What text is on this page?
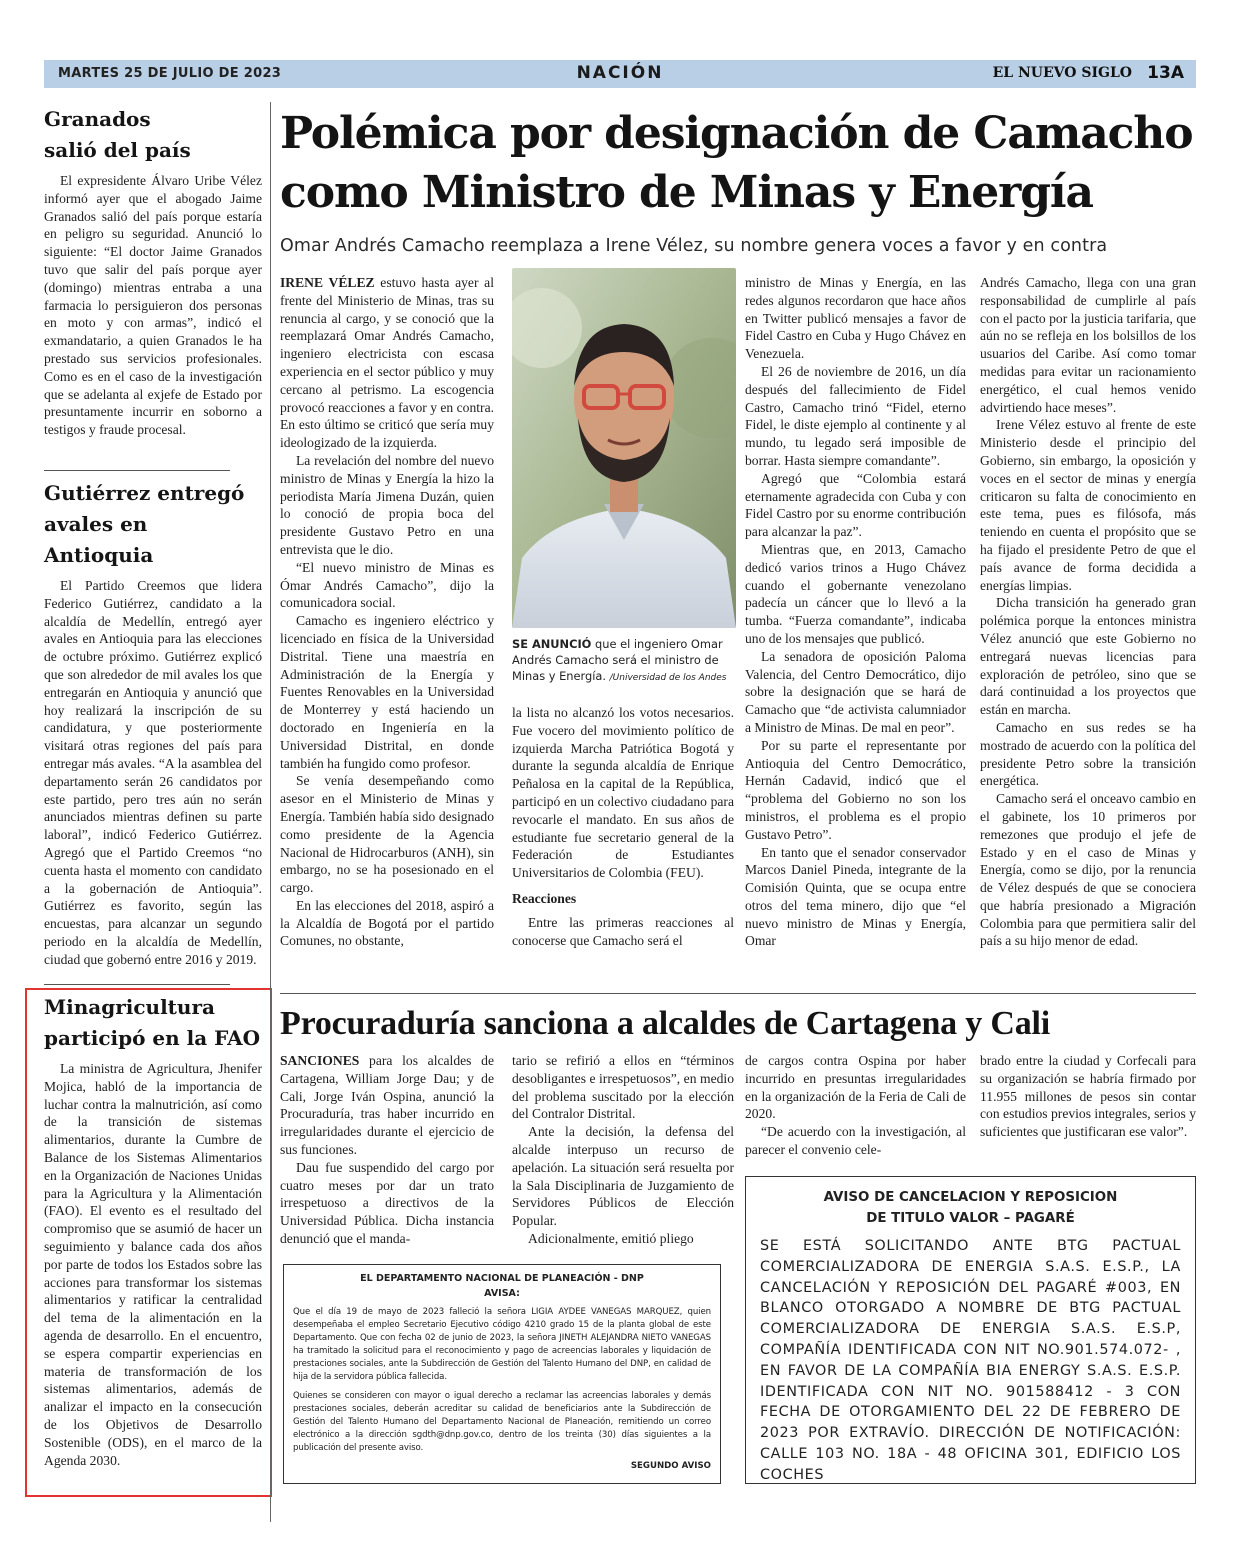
MARTES 25 DE JULIO DE 2023	NACIÓN	EL NUEVO SIGLO 13A
Granados
salió del país

El expresidente Álvaro Uribe Vélez informó ayer que el abogado Jaime Granados salió del país porque estaría en peligro su seguridad. Anunció lo siguiente: “El doctor Jaime Granados tuvo que salir del país porque ayer (domingo) mientras entraba a una farmacia lo persiguieron dos personas en moto y con armas”, indicó el exmandatario, a quien Granados le ha prestado sus servicios profesionales. Como es en el caso de la investigación que se adelanta al exjefe de Estado por presuntamente incurrir en soborno a testigos y fraude procesal.

Gutiérrez entregó
avales en Antioquia

El Partido Creemos que lidera Federico Gutiérrez, candidato a la alcaldía de Medellín, entregó ayer avales en Antioquia para las elecciones de octubre próximo. Gutiérrez explicó que son alrededor de mil avales los que entregarán en Antioquia y anunció que hoy realizará la inscripción de su candidatura, y que posteriormente visitará otras regiones del país para entregar más avales. “A la asamblea del departamento serán 26 candidatos por este partido, pero tres aún no serán anunciados mientras definen su parte laboral”, indicó Federico Gutiérrez. Agregó que el Partido Creemos “no cuenta hasta el momento con candidato a la gobernación de Antioquia”. Gutiérrez es favorito, según las encuestas, para alcanzar un segundo periodo en la alcaldía de Medellín, ciudad que gobernó entre 2016 y 2019.

Minagricultura
participó en la FAO

La ministra de Agricultura, Jhenifer Mojica, habló de la importancia de luchar contra la malnutrición, así como de la transición de sistemas alimentarios, durante la Cumbre de Balance de los Sistemas Alimentarios en la Organización de Naciones Unidas para la Agricultura y la Alimentación (FAO). El evento es el resultado del compromiso que se asumió de hacer un seguimiento y balance cada dos años por parte de todos los Estados sobre las acciones para transformar los sistemas alimentarios y ratificar la centralidad del tema de la alimentación en la agenda de desarrollo. En el encuentro, se espera compartir experiencias en materia de transformación de los sistemas alimentarios, además de analizar el impacto en la consecución de los Objetivos de Desarrollo Sostenible (ODS), en el marco de la Agenda 2030.

Polémica por designación de Camacho
como Ministro de Minas y Energía
Omar Andrés Camacho reemplaza a Irene Vélez, su nombre genera voces a favor y en contra

IRENE VÉLEZ estuvo hasta ayer al frente del Ministerio de Minas, tras su renuncia al cargo, y se conoció que la reemplazará Omar Andrés Camacho, ingeniero electricista con escasa experiencia en el sector público y muy cercano al petrismo. La escogencia provocó reacciones a favor y en contra. En esto último se criticó que sería muy ideologizado de la izquierda.

La revelación del nombre del nuevo ministro de Minas y Energía la hizo la periodista María Jimena Duzán, quien lo conoció de propia boca del presidente Gustavo Petro en una entrevista que le dio.

“El nuevo ministro de Minas es Ómar Andrés Camacho”, dijo la comunicadora social.

Camacho es ingeniero eléctrico y licenciado en física de la Universidad Distrital. Tiene una maestría en Administración de la Energía y Fuentes Renovables en la Universidad de Monterrey y está haciendo un doctorado en Ingeniería en la Universidad Distrital, en donde también ha fungido como profesor.

Se venía desempeñando como asesor en el Ministerio de Minas y Energía. También había sido designado como presidente de la Agencia Nacional de Hidrocarburos (ANH), sin embargo, no se ha posesionado en el cargo.

En las elecciones del 2018, aspiró a la Alcaldía de Bogotá por el partido Comunes, no obstante,

SE ANUNCIÓ que el ingeniero Omar Andrés Camacho será el ministro de Minas y Energía. /Universidad de los Andes

la lista no alcanzó los votos necesarios. Fue vocero del movimiento político de izquierda Marcha Patriótica Bogotá y durante la segunda alcaldía de Enrique Peñalosa en la capital de la República, participó en un colectivo ciudadano para revocarle el mandato. En sus años de estudiante fue secretario general de la Federación de Estudiantes Universitarios de Colombia (FEU).

Reacciones

Entre las primeras reacciones al conocerse que Camacho será el

ministro de Minas y Energía, en las redes algunos recordaron que hace años en Twitter publicó mensajes a favor de Fidel Castro en Cuba y Hugo Chávez en Venezuela.

El 26 de noviembre de 2016, un día después del fallecimiento de Fidel Castro, Camacho trinó “Fidel, eterno Fidel, le diste ejemplo al continente y al mundo, tu legado será imposible de borrar. Hasta siempre comandante”.

Agregó que “Colombia estará eternamente agradecida con Cuba y con Fidel Castro por su enorme contribución para alcanzar la paz”.

Mientras que, en 2013, Camacho dedicó varios trinos a Hugo Chávez cuando el gobernante venezolano padecía un cáncer que lo llevó a la tumba. “Fuerza comandante”, indicaba uno de los mensajes que publicó.

La senadora de oposición Paloma Valencia, del Centro Democrático, dijo sobre la designación que se hará de Camacho que “de activista calumniador a Ministro de Minas. De mal en peor”.

Por su parte el representante por Antioquia del Centro Democrático, Hernán Cadavid, indicó que el “problema del Gobierno no son los ministros, el problema es el propio Gustavo Petro”.

En tanto que el senador conservador Marcos Daniel Pineda, integrante de la Comisión Quinta, que se ocupa entre otros del tema minero, dijo que “el nuevo ministro de Minas y Energía, Omar

Andrés Camacho, llega con una gran responsabilidad de cumplirle al país con el pacto por la justicia tarifaria, que aún no se refleja en los bolsillos de los usuarios del Caribe. Así como tomar medidas para evitar un racionamiento energético, el cual hemos venido advirtiendo hace meses”.

Irene Vélez estuvo al frente de este Ministerio desde el principio del Gobierno, sin embargo, la oposición y voces en el sector de minas y energía criticaron su falta de conocimiento en este tema, pues es filósofa, más teniendo en cuenta el propósito que se ha fijado el presidente Petro de que el país avance de forma decidida a energías limpias.

Dicha transición ha generado gran polémica porque la entonces ministra Vélez anunció que este Gobierno no entregará nuevas licencias para exploración de petróleo, sino que se dará continuidad a los proyectos que están en marcha.

Camacho en sus redes se ha mostrado de acuerdo con la política del presidente Petro sobre la transición energética.

Camacho será el onceavo cambio en el gabinete, los 10 primeros por remezones que produjo el jefe de Estado y en el caso de Minas y Energía, como se dijo, por la renuncia de Vélez después de que se conociera que habría presionado a Migración Colombia para que permitiera salir del país a su hijo menor de edad.

Procuraduría sanciona a alcaldes de Cartagena y Cali

SANCIONES para los alcaldes de Cartagena, William Jorge Dau; y de Cali, Jorge Iván Ospina, anunció la Procuraduría, tras haber incurrido en irregularidades durante el ejercicio de sus funciones.

Dau fue suspendido del cargo por cuatro meses por dar un trato irrespetuoso a directivos de la Universidad Pública. Dicha instancia denunció que el manda-

tario se refirió a ellos en “términos desobligantes e irrespetuosos”, en medio del problema suscitado por la elección del Contralor Distrital.

Ante la decisión, la defensa del alcalde interpuso un recurso de apelación. La situación será resuelta por la Sala Disciplinaria de Juzgamiento de Servidores Públicos de Elección Popular.

Adicionalmente, emitió pliego

de cargos contra Ospina por haber incurrido en presuntas irregularidades en la organización de la Feria de Cali de 2020.

“De acuerdo con la investigación, al parecer el convenio cele-

brado entre la ciudad y Corfecali para su organización se habría firmado por 11.955 millones de pesos sin contar con estudios previos integrales, serios y suficientes que justificaran ese valor”.

EL DEPARTAMENTO NACIONAL DE PLANEACIÓN - DNP
AVISA:

Que el día 19 de mayo de 2023 falleció la señora LIGIA AYDEE VANEGAS MARQUEZ, quien desempeñaba el empleo Secretario Ejecutivo código 4210 grado 15 de la planta global de este Departamento. Que con fecha 02 de junio de 2023, la señora JINETH ALEJANDRA NIETO VANEGAS ha tramitado la solicitud para el reconocimiento y pago de acreencias laborales y liquidación de prestaciones sociales, ante la Subdirección de Gestión del Talento Humano del DNP, en calidad de hija de la servidora pública fallecida.

Quienes se consideren con mayor o igual derecho a reclamar las acreencias laborales y demás prestaciones sociales, deberán acreditar su calidad de beneficiarios ante la Subdirección de Gestión del Talento Humano del Departamento Nacional de Planeación, remitiendo un correo electrónico a la dirección sgdth@dnp.gov.co, dentro de los treinta (30) días siguientes a la publicación del presente aviso.

SEGUNDO AVISO
AVISO DE CANCELACION Y REPOSICION
DE TITULO VALOR – PAGARÉ

SE ESTÁ SOLICITANDO ANTE BTG PACTUAL COMERCIALIZADORA DE ENERGIA S.A.S. E.S.P., LA CANCELACIÓN Y REPOSICIÓN DEL PAGARÉ #003, EN BLANCO OTORGADO A NOMBRE DE BTG PACTUAL COMERCIALIZADORA DE ENERGIA S.A.S. E.S.P, COMPAÑÍA IDENTIFICADA CON NIT NO.901.574.072- , EN FAVOR DE LA COMPAÑÍA BIA ENERGY S.A.S. E.S.P. IDENTIFICADA CON NIT NO. 901588412 - 3 CON FECHA DE OTORGAMIENTO DEL 22 DE FEBRERO DE 2023 POR EXTRAVÍO. DIRECCIÓN DE NOTIFICACIÓN: CALLE 103 NO. 18A - 48 OFICINA 301, EDIFICIO LOS COCHES
